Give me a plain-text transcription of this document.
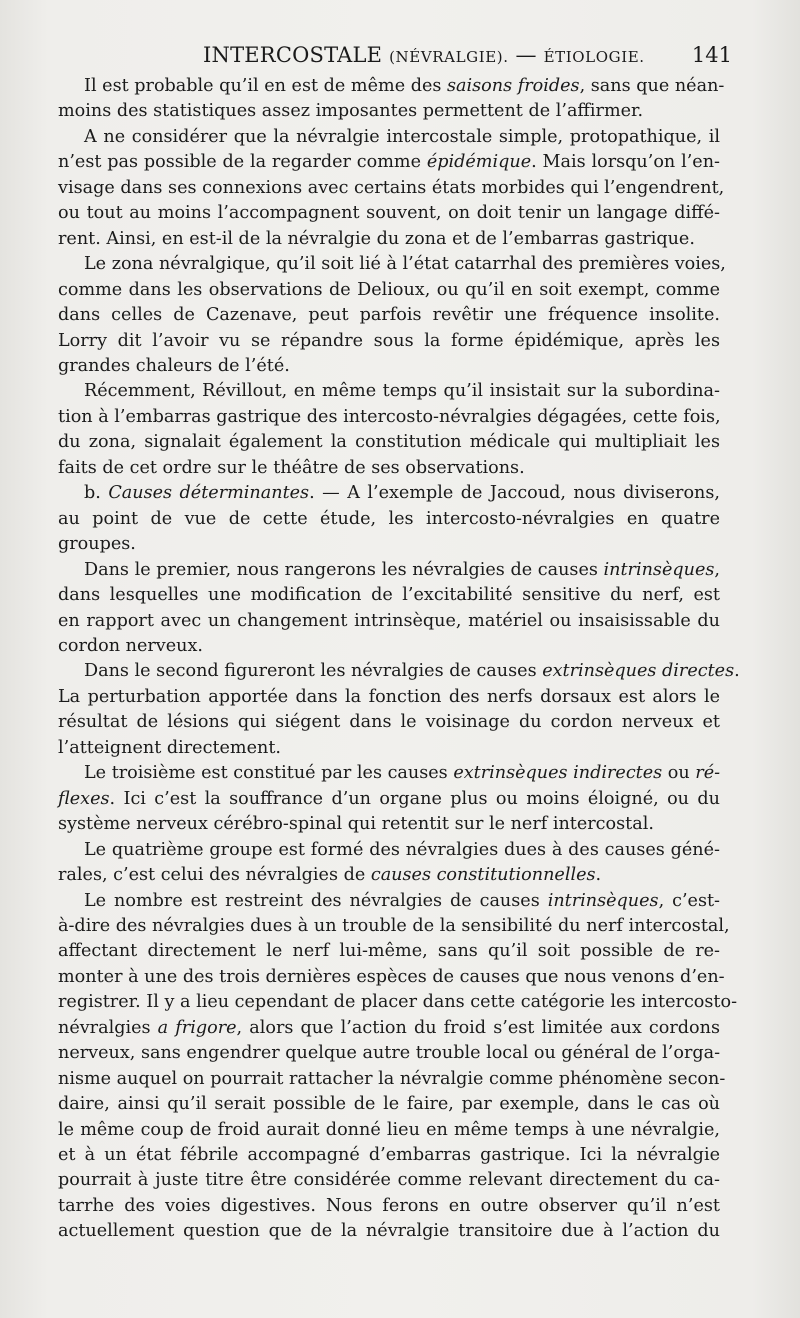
INTERCOSTALE (NÉVRALGIE). — ÉTIOLOGIE. 141
Il est probable qu’il en est de même des saisons froides, sans que néan-
moins des statistiques assez imposantes permettent de l’affirmer.
A ne considérer que la névralgie intercostale simple, protopathique, il
n’est pas possible de la regarder comme épidémique. Mais lorsqu’on l’en-
visage dans ses connexions avec certains états morbides qui l’engendrent,
ou tout au moins l’accompagnent souvent, on doit tenir un langage diffé-
rent. Ainsi, en est-il de la névralgie du zona et de l’embarras gastrique.
Le zona névralgique, qu’il soit lié à l’état catarrhal des premières voies,
comme dans les observations de Delioux, ou qu’il en soit exempt, comme
dans celles de Cazenave, peut parfois revêtir une fréquence insolite.
Lorry dit l’avoir vu se répandre sous la forme épidémique, après les
grandes chaleurs de l’été.
Récemment, Révillout, en même temps qu’il insistait sur la subordina-
tion à l’embarras gastrique des intercosto-névralgies dégagées, cette fois,
du zona, signalait également la constitution médicale qui multipliait les
faits de cet ordre sur le théâtre de ses observations.
b. Causes déterminantes. — A l’exemple de Jaccoud, nous diviserons,
au point de vue de cette étude, les intercosto-névralgies en quatre
groupes.
Dans le premier, nous rangerons les névralgies de causes intrinsèques,
dans lesquelles une modification de l’excitabilité sensitive du nerf, est
en rapport avec un changement intrinsèque, matériel ou insaisissable du
cordon nerveux.
Dans le second figureront les névralgies de causes extrinsèques directes.
La perturbation apportée dans la fonction des nerfs dorsaux est alors le
résultat de lésions qui siégent dans le voisinage du cordon nerveux et
l’atteignent directement.
Le troisième est constitué par les causes extrinsèques indirectes ou ré-
flexes. Ici c’est la souffrance d’un organe plus ou moins éloigné, ou du
système nerveux cérébro-spinal qui retentit sur le nerf intercostal.
Le quatrième groupe est formé des névralgies dues à des causes géné-
rales, c’est celui des névralgies de causes constitutionnelles.
Le nombre est restreint des névralgies de causes intrinsèques, c’est-
à-dire des névralgies dues à un trouble de la sensibilité du nerf intercostal,
affectant directement le nerf lui-même, sans qu’il soit possible de re-
monter à une des trois dernières espèces de causes que nous venons d’en-
registrer. Il y a lieu cependant de placer dans cette catégorie les intercosto-
névralgies a frigore, alors que l’action du froid s’est limitée aux cordons
nerveux, sans engendrer quelque autre trouble local ou général de l’orga-
nisme auquel on pourrait rattacher la névralgie comme phénomène secon-
daire, ainsi qu’il serait possible de le faire, par exemple, dans le cas où
le même coup de froid aurait donné lieu en même temps à une névralgie,
et à un état fébrile accompagné d’embarras gastrique. Ici la névralgie
pourrait à juste titre être considérée comme relevant directement du ca-
tarrhe des voies digestives. Nous ferons en outre observer qu’il n’est
actuellement question que de la névralgie transitoire due à l’action du
